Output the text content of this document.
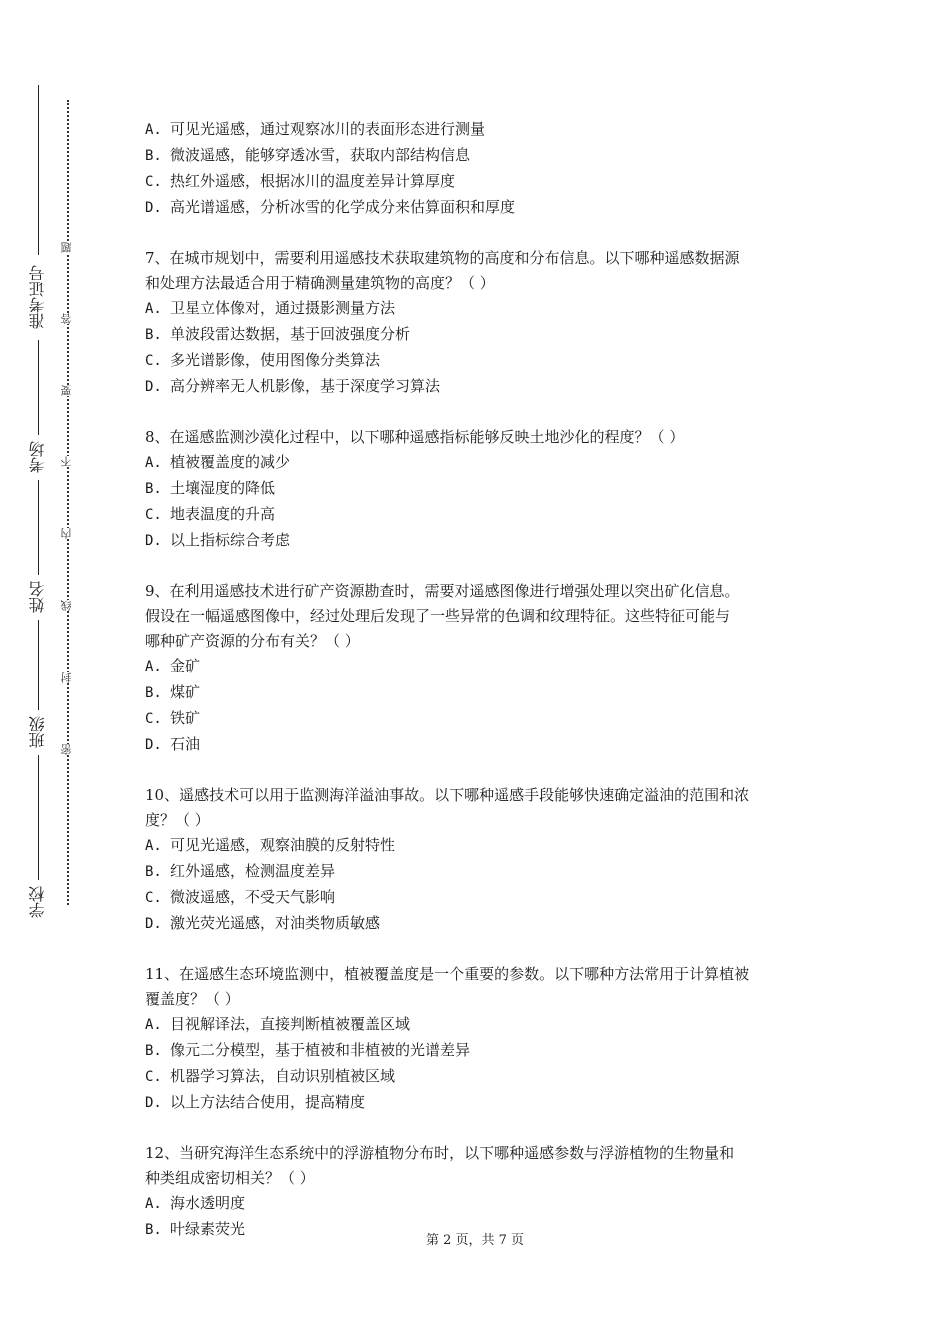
准考证号
考场
姓名
班级
学校
题
答
要
不
内
线
封
密
A. 可见光遥感，通过观察冰川的表面形态进行测量
B. 微波遥感，能够穿透冰雪，获取内部结构信息
C. 热红外遥感，根据冰川的温度差异计算厚度
D. 高光谱遥感，分析冰雪的化学成分来估算面积和厚度
7、在城市规划中，需要利用遥感技术获取建筑物的高度和分布信息。以下哪种遥感数据源
和处理方法最适合用于精确测量建筑物的高度？（ ）
A. 卫星立体像对，通过摄影测量方法
B. 单波段雷达数据，基于回波强度分析
C. 多光谱影像，使用图像分类算法
D. 高分辨率无人机影像，基于深度学习算法
8、在遥感监测沙漠化过程中，以下哪种遥感指标能够反映土地沙化的程度？（ ）
A. 植被覆盖度的减少
B. 土壤湿度的降低
C. 地表温度的升高
D. 以上指标综合考虑
9、在利用遥感技术进行矿产资源勘查时，需要对遥感图像进行增强处理以突出矿化信息。
假设在一幅遥感图像中，经过处理后发现了一些异常的色调和纹理特征。这些特征可能与
哪种矿产资源的分布有关？（ ）
A. 金矿
B. 煤矿
C. 铁矿
D. 石油
10、遥感技术可以用于监测海洋溢油事故。以下哪种遥感手段能够快速确定溢油的范围和浓
度？（ ）
A. 可见光遥感，观察油膜的反射特性
B. 红外遥感，检测温度差异
C. 微波遥感，不受天气影响
D. 激光荧光遥感，对油类物质敏感
11、在遥感生态环境监测中，植被覆盖度是一个重要的参数。以下哪种方法常用于计算植被
覆盖度？（ ）
A. 目视解译法，直接判断植被覆盖区域
B. 像元二分模型，基于植被和非植被的光谱差异
C. 机器学习算法，自动识别植被区域
D. 以上方法结合使用，提高精度
12、当研究海洋生态系统中的浮游植物分布时，以下哪种遥感参数与浮游植物的生物量和
种类组成密切相关？（ ）
A. 海水透明度
B. 叶绿素荧光
第 2 页，共 7 页
